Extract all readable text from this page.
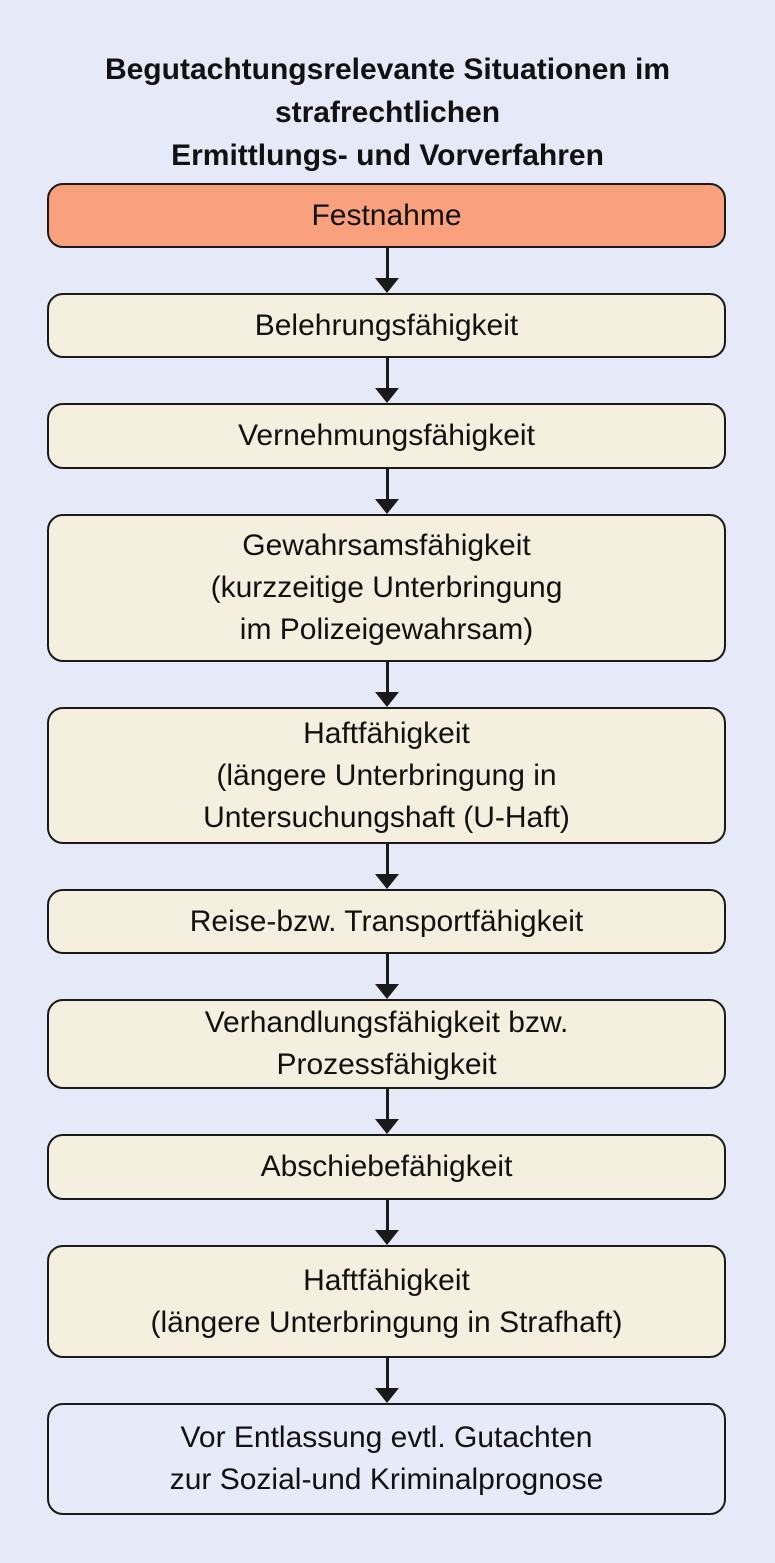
Begutachtungsrelevante Situationen im
strafrechtlichen
Ermittlungs- und Vorverfahren
Festnahme
Belehrungsfähigkeit
Vernehmungsfähigkeit
Gewahrsamsfähigkeit
(kurzzeitige Unterbringung
im Polizeigewahrsam)
Haftfähigkeit
(längere Unterbringung in
Untersuchungshaft (U-Haft)
Reise-bzw. Transportfähigkeit
Verhandlungsfähigkeit bzw.
Prozessfähigkeit
Abschiebefähigkeit
Haftfähigkeit
(längere Unterbringung in Strafhaft)
Vor Entlassung evtl. Gutachten
zur Sozial-und Kriminalprognose
